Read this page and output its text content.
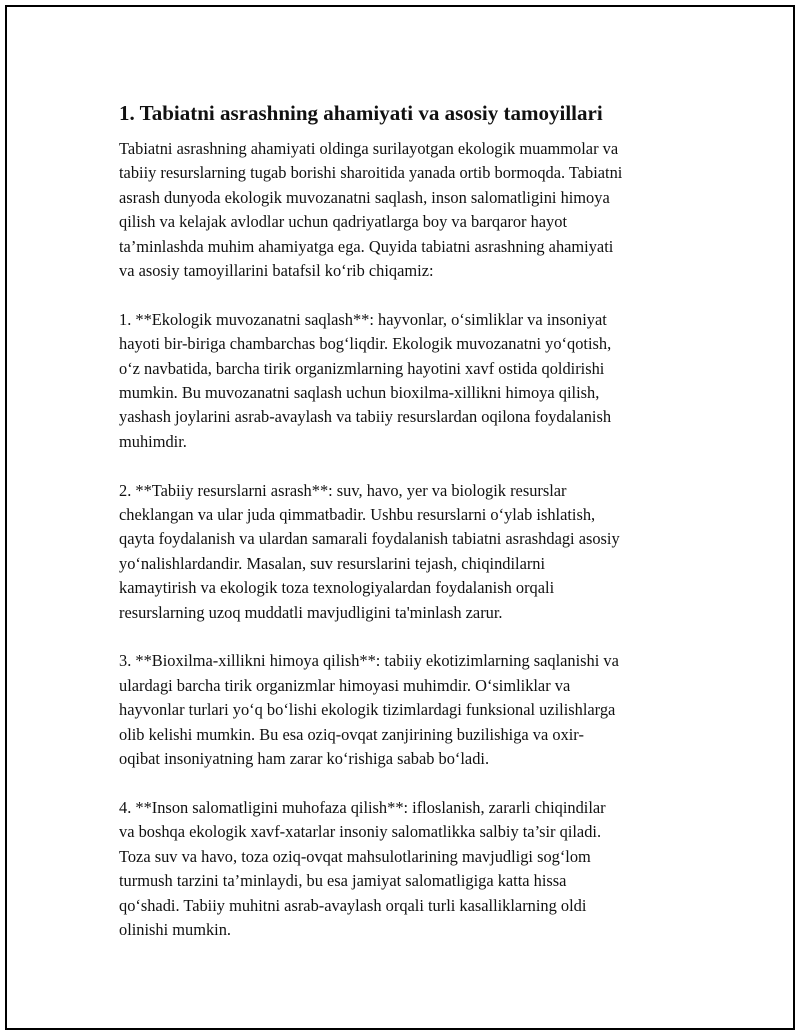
1. Tabiatni asrashning ahamiyati va asosiy tamoyillari

Tabiatni asrashning ahamiyati oldinga surilayotgan ekologik muammolar va
tabiiy resurslarning tugab borishi sharoitida yanada ortib bormoqda. Tabiatni
asrash dunyoda ekologik muvozanatni saqlash, inson salomatligini himoya
qilish va kelajak avlodlar uchun qadriyatlarga boy va barqaror hayot
ta’minlashda muhim ahamiyatga ega. Quyida tabiatni asrashning ahamiyati
va asosiy tamoyillarini batafsil ko‘rib chiqamiz:

1. **Ekologik muvozanatni saqlash**: hayvonlar, o‘simliklar va insoniyat
hayoti bir-biriga chambarchas bog‘liqdir. Ekologik muvozanatni yo‘qotish,
o‘z navbatida, barcha tirik organizmlarning hayotini xavf ostida qoldirishi
mumkin. Bu muvozanatni saqlash uchun bioxilma-xillikni himoya qilish,
yashash joylarini asrab-avaylash va tabiiy resurslardan oqilona foydalanish
muhimdir.

2. **Tabiiy resurslarni asrash**: suv, havo, yer va biologik resurslar
cheklangan va ular juda qimmatbadir. Ushbu resurslarni o‘ylab ishlatish,
qayta foydalanish va ulardan samarali foydalanish tabiatni asrashdagi asosiy
yo‘nalishlardandir. Masalan, suv resurslarini tejash, chiqindilarni
kamaytirish va ekologik toza texnologiyalardan foydalanish orqali
resurslarning uzoq muddatli mavjudligini ta'minlash zarur.

3. **Bioxilma-xillikni himoya qilish**: tabiiy ekotizimlarning saqlanishi va
ulardagi barcha tirik organizmlar himoyasi muhimdir. O‘simliklar va
hayvonlar turlari yo‘q bo‘lishi ekologik tizimlardagi funksional uzilishlarga
olib kelishi mumkin. Bu esa oziq-ovqat zanjirining buzilishiga va oxir-
oqibat insoniyatning ham zarar ko‘rishiga sabab bo‘ladi.

4. **Inson salomatligini muhofaza qilish**: ifloslanish, zararli chiqindilar
va boshqa ekologik xavf-xatarlar insoniy salomatlikka salbiy ta’sir qiladi.
Toza suv va havo, toza oziq-ovqat mahsulotlarining mavjudligi sog‘lom
turmush tarzini ta’minlaydi, bu esa jamiyat salomatligiga katta hissa
qo‘shadi. Tabiiy muhitni asrab-avaylash orqali turli kasalliklarning oldi
olinishi mumkin.
